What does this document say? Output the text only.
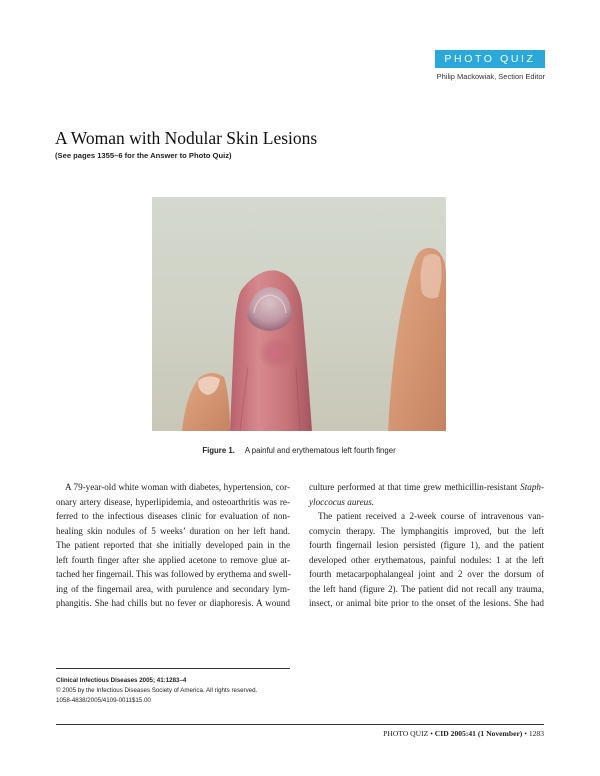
PHOTO QUIZ
Philip Mackowiak, Section Editor
A Woman with Nodular Skin Lesions
(See pages 1355–6 for the Answer to Photo Quiz)
Figure 1. A painful and erythematous left fourth finger

A 79-year-old white woman with diabetes, hypertension, cor-
onary artery disease, hyperlipidemia, and osteoarthritis was re-
ferred to the infectious diseases clinic for evaluation of non-
healing skin nodules of 5 weeks’ duration on her left hand.
The patient reported that she initially developed pain in the
left fourth finger after she applied acetone to remove glue at-
tached her fingernail. This was followed by erythema and swell-
ing of the fingernail area, with purulence and secondary lym-
phangitis. She had chills but no fever or diaphoresis. A wound

culture performed at that time grew methicillin-resistant Staph-
yloccocus aureus.

The patient received a 2-week course of intravenous van-
comycin therapy. The lymphangitis improved, but the left
fourth fingernail lesion persisted (figure 1), and the patient
developed other erythematous, painful nodules: 1 at the left
fourth metacarpophalangeal joint and 2 over the dorsum of
the left hand (figure 2). The patient did not recall any trauma,
insect, or animal bite prior to the onset of the lesions. She had

Clinical Infectious Diseases 2005; 41:1283–4
© 2005 by the Infectious Diseases Society of America. All rights reserved.
1058-4838/2005/4109-0011$15.00
PHOTO QUIZ • CID 2005:41 (1 November) • 1283
